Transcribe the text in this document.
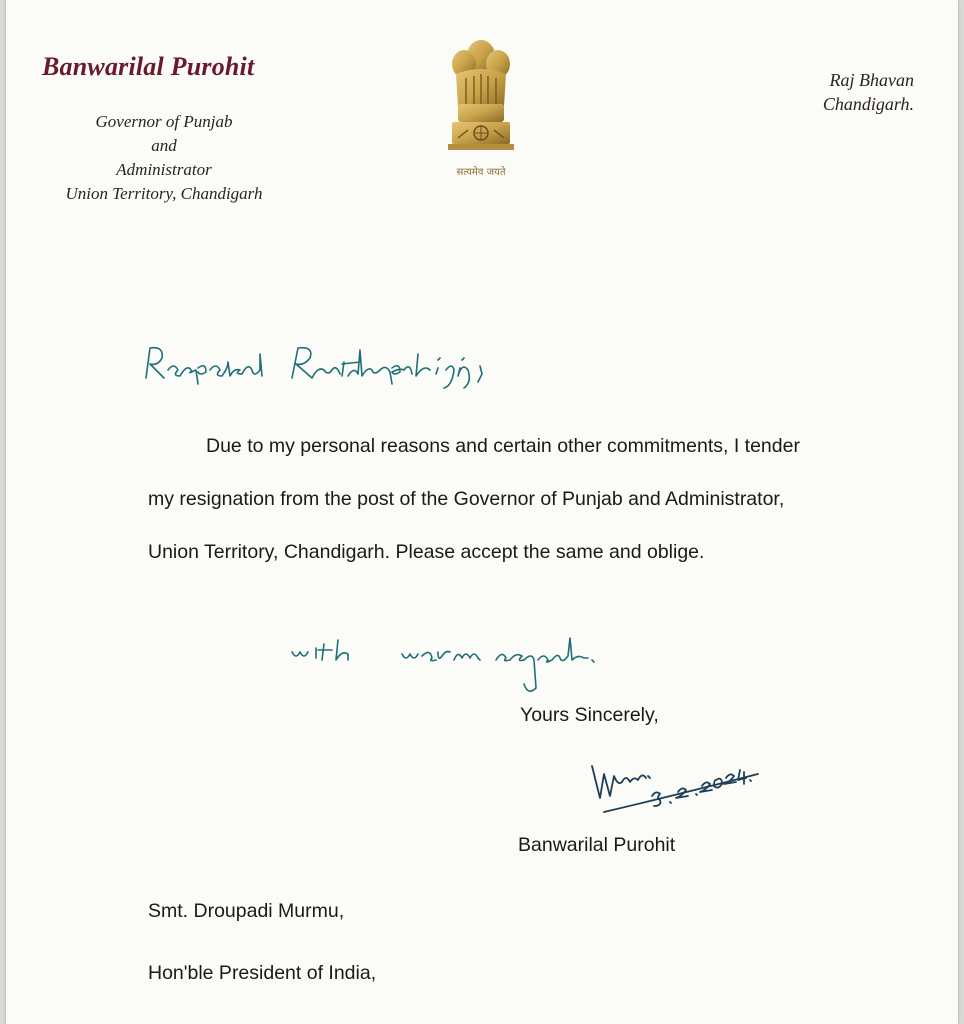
Banwarilal Purohit
Governor of Punjab
and
Administrator
Union Territory, Chandigarh
सत्यमेव जयते
Raj Bhavan
Chandigarh.

Due to my personal reasons and certain other commitments, I tender my resignation from the post of the Governor of Punjab and Administrator, Union Territory, Chandigarh. Please accept the same and oblige.

Yours Sincerely,
Banwarilal Purohit
Smt. Droupadi Murmu,
Hon'ble President of India,
